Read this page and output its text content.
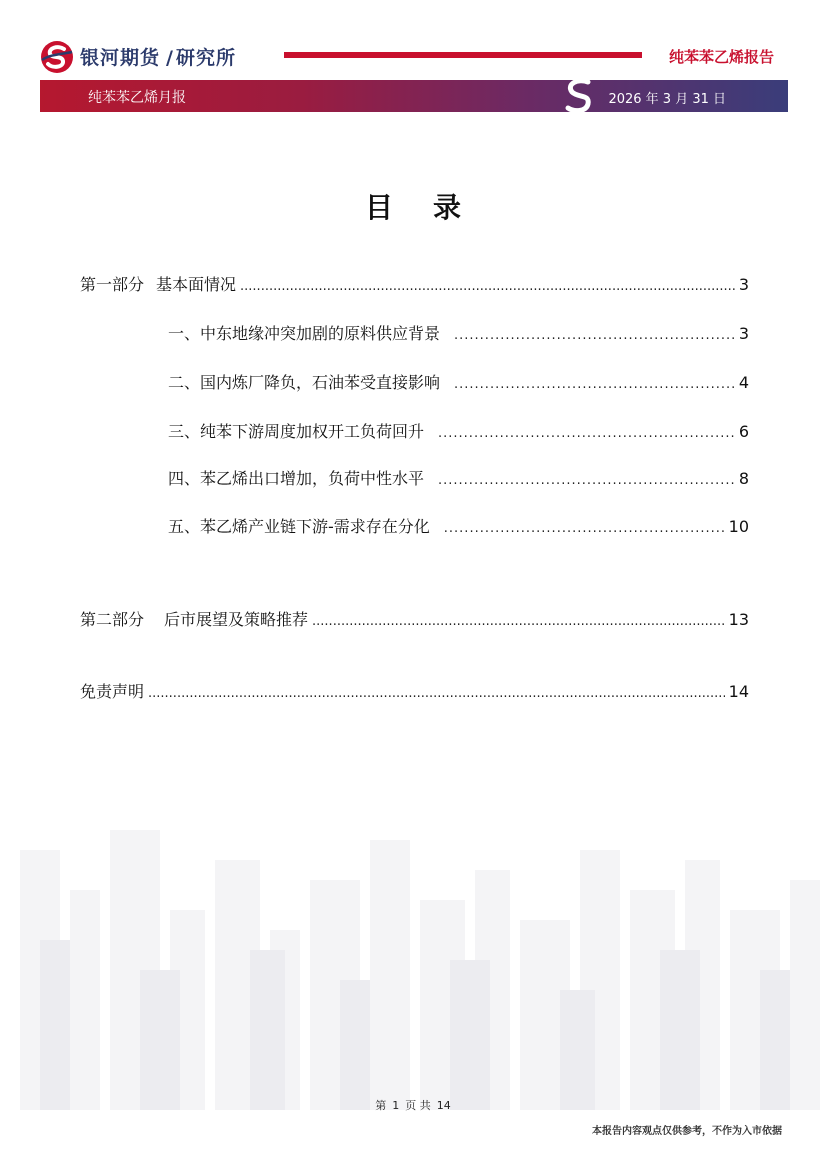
银河期货 / 研究所	纯苯苯乙烯报告
纯苯苯乙烯月报	2026 年 3 月 31 日
目录
第一部分 基本面情况 .....	3
一、中东地缘冲突加剧的原料供应背景 .....	3
二、国内炼厂降负，石油苯受直接影响 .....	4
三、纯苯下游周度加权开工负荷回升 .....	6
四、苯乙烯出口增加，负荷中性水平 .....	8
五、苯乙烯产业链下游-需求存在分化 .....	10
第二部分 后市展望及策略推荐 .....	13
免责声明 .....	14
第 1 页 共 14
本报告内容观点仅供参考，不作为入市依据
